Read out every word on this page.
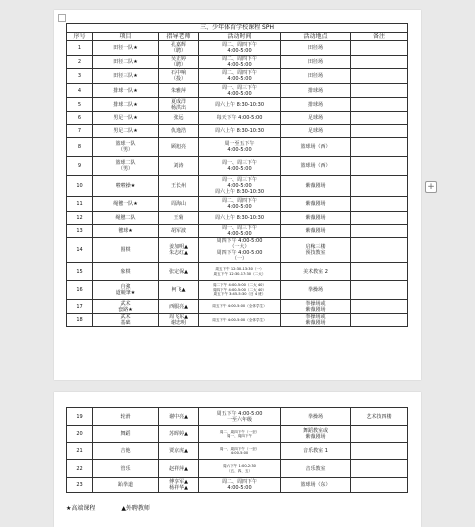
三、少年体育学校课程 SPH					
序号	项目	指导老师	活动时间	活动地点	备注
1	田径一队★	孔嘉辉
（聘）	周二、周四下午
4:00-5:00	田径场	
2	田径二队★	吴正婷
（聘）	周二、周四下午
4:00-5:00	田径场	
3	田径三队★	石中响
（投）	周二、周四下午
4:00-5:00	田径场	
4	排球一队★	朱雅萍	周一、周三下午
4:00-5:00	排球场	
5	排球二队★	夏成洋
杨洪出	周六上午 8:30-10:30	排球场	
6	男足一队★	张远	每天下午 4:00-5:00	足球场	
7	男足二队★	仇逸浩	周六上午 8:30-10:30	足球场	
8	篮球一队
（男）	顾旭亮	周一至五下午
4:00-5:00	篮球场（西）	
9	篮球二队
（男）	刘涛	周一、周三下午
4:00-5:00	篮球场（西）	
10	啦啦操★	王长州	周一、周三下午
4:00-5:00
周六上午 8:30-10:30	紫薇剧场	
11	绳毽一队★	周海山	周二、周四下午
4:00-5:00	紫薇剧场	
12	绳毽二队	王菊	周六上午 8:30-10:30	紫薇剧场	
13	毽球★	胡军波	周一、周三下午
4:00-5:00	紫薇剧场	
14	围棋	姜加明▲
朱志红▲	周四下午 4:00-5:00
（一大）
周四下午 4:00-5:00
（一）	启稼三楼
预技教室	
15	象棋	张定保▲	周五下午 12:30-13:30（一）
周五下午 12:30-17:30（二大）	美术教室 2	
16	自強
道競筆★	柯飞▲	周二下午 4:00-5:00（二大 40）
周四下午 4:00-5:00（二大 40）
周五下午 3:45-5:30（日 4 班）	拳操场	
17	武术
套路★	西服亮▲	周五下午 4:00-5:00（全体学生）	拳操场或
紫薇剧场	
18	武术
基础	周飞东▲
谢忠明	周五下午 4:00-5:00（全体学生）	拳操场或
紫薇剧场	
+
19	轮滑	谢中亮▲	周五下午 4:00-5:00
一至六年级	拳操场	艺术技四楼
20	舞蹈	苏晖婷▲	周二、周四下午（一至）
周一、周四下午	舞蹈教室或
紫薇剧场	
21	吉他	贾京虎▲	周一、周四下午（一至）
4:00-5:00	音乐教室 1	
22	管乐	赵祥萍▲	周六下午 1:00-2:30
（五、四、五）	音乐教室	
23	跆拳道	傅享军▲
杨祥华▲	周二、周四下午
4:00-5:00	篮球场（东）	
★高端课程	▲外聘教师
